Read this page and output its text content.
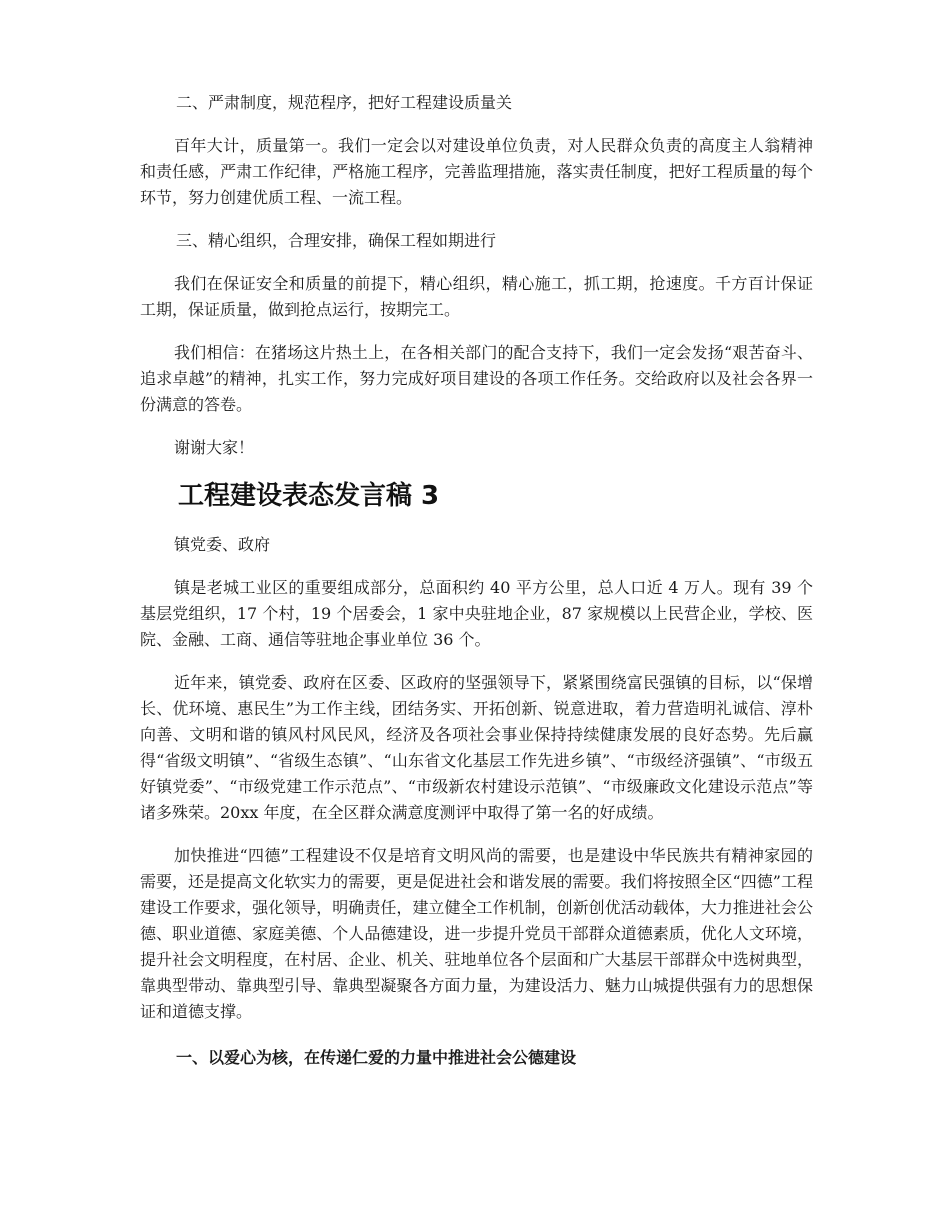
二、严肃制度，规范程序，把好工程建设质量关

百年大计，质量第一。我们一定会以对建设单位负责，对人民群众负责的高度主人翁精神和责任感，严肃工作纪律，严格施工程序，完善监理措施，落实责任制度，把好工程质量的每个环节，努力创建优质工程、一流工程。

三、精心组织，合理安排，确保工程如期进行

我们在保证安全和质量的前提下，精心组织，精心施工，抓工期，抢速度。千方百计保证工期，保证质量，做到抢点运行，按期完工。

我们相信：在猪场这片热土上，在各相关部门的配合支持下，我们一定会发扬“艰苦奋斗、追求卓越”的精神，扎实工作，努力完成好项目建设的各项工作任务。交给政府以及社会各界一份满意的答卷。

谢谢大家！

工程建设表态发言稿 3

镇党委、政府

镇是老城工业区的重要组成部分，总面积约 40 平方公里，总人口近 4 万人。现有 39 个基层党组织，17 个村，19 个居委会，1 家中央驻地企业，87 家规模以上民营企业，学校、医院、金融、工商、通信等驻地企事业单位 36 个。

近年来，镇党委、政府在区委、区政府的坚强领导下，紧紧围绕富民强镇的目标，以“保增长、优环境、惠民生”为工作主线，团结务实、开拓创新、锐意进取，着力营造明礼诚信、淳朴向善、文明和谐的镇风村风民风，经济及各项社会事业保持持续健康发展的良好态势。先后赢得“省级文明镇”、“省级生态镇”、“山东省文化基层工作先进乡镇”、“市级经济强镇”、“市级五好镇党委”、“市级党建工作示范点”、“市级新农村建设示范镇”、“市级廉政文化建设示范点”等诸多殊荣。20xx 年度，在全区群众满意度测评中取得了第一名的好成绩。

加快推进“四德”工程建设不仅是培育文明风尚的需要，也是建设中华民族共有精神家园的需要，还是提高文化软实力的需要，更是促进社会和谐发展的需要。我们将按照全区“四德”工程建设工作要求，强化领导，明确责任，建立健全工作机制，创新创优活动载体，大力推进社会公德、职业道德、家庭美德、个人品德建设，进一步提升党员干部群众道德素质，优化人文环境，提升社会文明程度，在村居、企业、机关、驻地单位各个层面和广大基层干部群众中选树典型，靠典型带动、靠典型引导、靠典型凝聚各方面力量，为建设活力、魅力山城提供强有力的思想保证和道德支撑。

一、以爱心为核，在传递仁爱的力量中推进社会公德建设
